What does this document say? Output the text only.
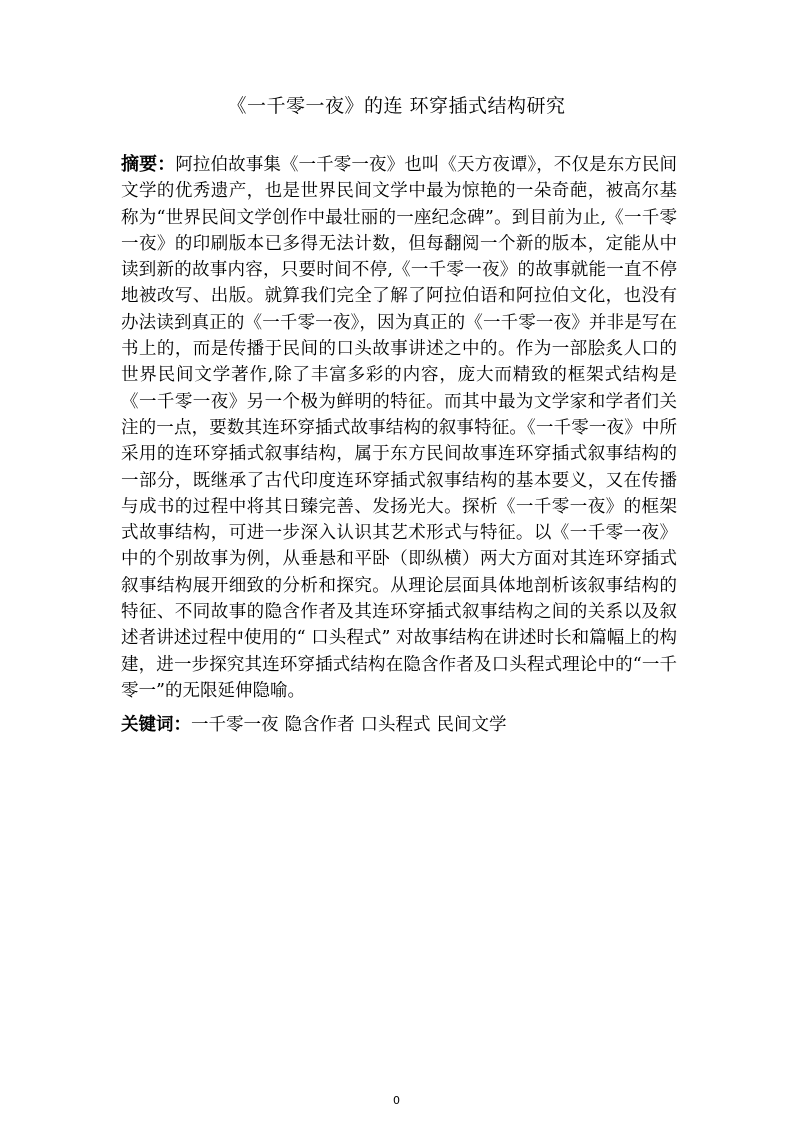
《一千零一夜》的连 环穿插式结构研究
摘要：阿拉伯故事集《一千零一夜》也叫《天方夜谭》，不仅是东方民间文学的优秀遗产，也是世界民间文学中最为惊艳的一朵奇葩，被高尔基称为“世界民间文学创作中最壮丽的一座纪念碑”。到目前为止,《一千零一夜》的印刷版本已多得无法计数，但每翻阅一个新的版本，定能从中读到新的故事内容，只要时间不停,《一千零一夜》的故事就能一直不停地被改写、出版。就算我们完全了解了阿拉伯语和阿拉伯文化，也没有办法读到真正的《一千零一夜》，因为真正的《一千零一夜》并非是写在书上的，而是传播于民间的口头故事讲述之中的。作为一部脍炙人口的世界民间文学著作,除了丰富多彩的内容，庞大而精致的框架式结构是《一千零一夜》另一个极为鲜明的特征。而其中最为文学家和学者们关注的一点，要数其连环穿插式故事结构的叙事特征。《一千零一夜》中所采用的连环穿插式叙事结构，属于东方民间故事连环穿插式叙事结构的一部分，既继承了古代印度连环穿插式叙事结构的基本要义，又在传播与成书的过程中将其日臻完善、发扬光大。探析《一千零一夜》的框架式故事结构，可进一步深入认识其艺术形式与特征。以《一千零一夜》中的个别故事为例，从垂悬和平卧（即纵横）两大方面对其连环穿插式叙事结构展开细致的分析和探究。从理论层面具体地剖析该叙事结构的特征、不同故事的隐含作者及其连环穿插式叙事结构之间的关系以及叙述者讲述过程中使用的“ 口头程式” 对故事结构在讲述时长和篇幅上的构建，进一步探究其连环穿插式结构在隐含作者及口头程式理论中的“一千零一”的无限延伸隐喻。
关键词：一千零一夜 隐含作者 口头程式 民间文学
0
